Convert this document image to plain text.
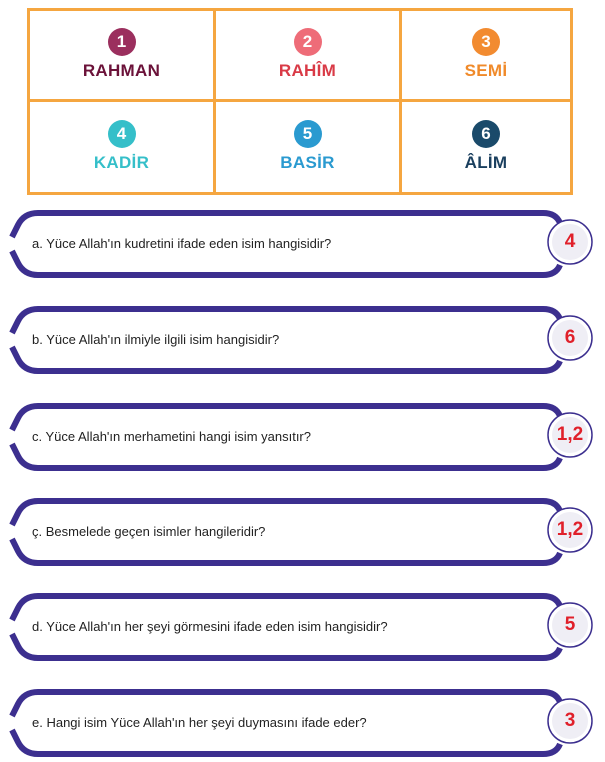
1
RAHMAN
2
RAHÎM
3
SEMİ
4
KADİR
5
BASİR
6
ÂLİM
a. Yüce Allah'ın kudretini ifade eden isim hangisidir?	4
b. Yüce Allah'ın ilmiyle ilgili isim hangisidir?	6
c. Yüce Allah'ın merhametini hangi isim yansıtır?	1,2
ç. Besmelede geçen isimler hangileridir?	1,2
d. Yüce Allah'ın her şeyi görmesini ifade eden isim hangisidir?	5
e. Hangi isim Yüce Allah'ın her şeyi duymasını ifade eder?	3
